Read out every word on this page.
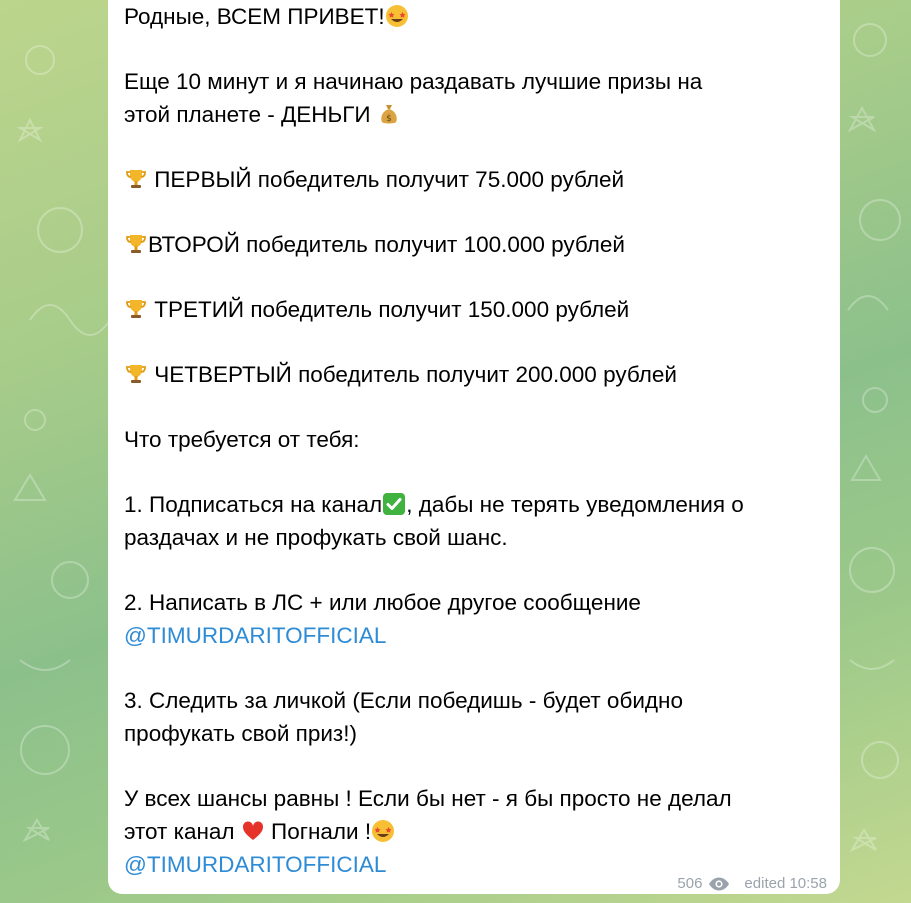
Родные, ВСЕМ ПРИВЕТ!
Еще 10 минут и я начинаю раздавать лучшие призы на
этой планете - ДЕНЬГИ $
ПЕРВЫЙ победитель получит 75.000 рублей
ВТОРОЙ победитель получит 100.000 рублей
ТРЕТИЙ победитель получит 150.000 рублей
ЧЕТВЕРТЫЙ победитель получит 200.000 рублей
Что требуется от тебя:
1. Подписаться на канал , дабы не терять уведомления о
раздачах и не профукать свой шанс.
2. Написать в ЛС + или любое другое сообщение
@TIMURDARITOFFICIAL
3. Следить за личкой (Если победишь - будет обидно
профукать свой приз!)
У всех шансы равны ! Если бы нет - я бы просто не делал
этот канал
Погнали !
@TIMURDARITOFFICIAL
506	edited 10:58
